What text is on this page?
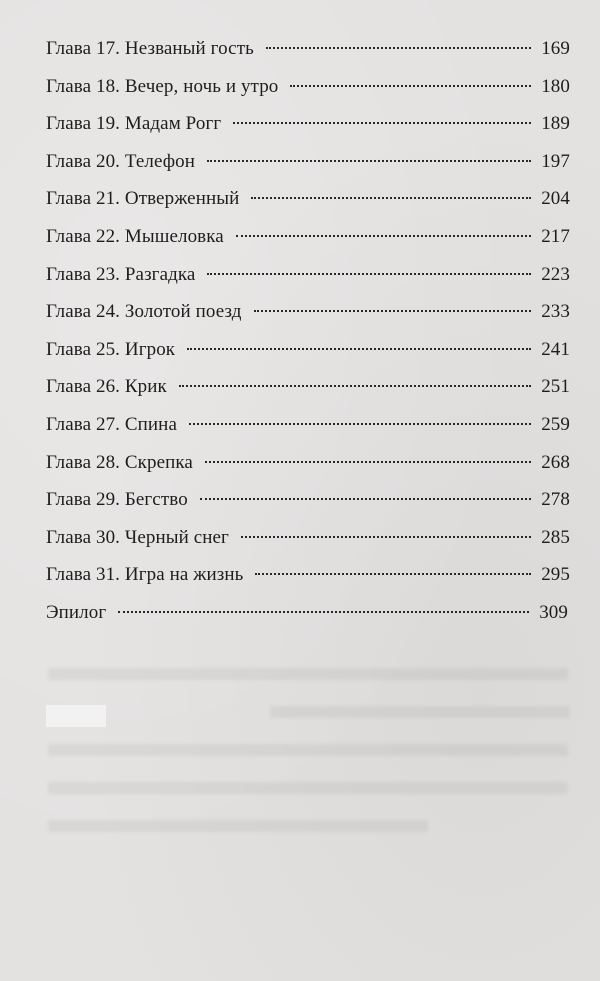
Глава 17. Незваный гость	169
Глава 18. Вечер, ночь и утро	180
Глава 19. Мадам Рогг	189
Глава 20. Телефон	197
Глава 21. Отверженный	204
Глава 22. Мышеловка	217
Глава 23. Разгадка	223
Глава 24. Золотой поезд	233
Глава 25. Игрок	241
Глава 26. Крик	251
Глава 27. Спина	259
Глава 28. Скрепка	268
Глава 29. Бегство	278
Глава 30. Черный снег	285
Глава 31. Игра на жизнь	295
Эпилог	309
